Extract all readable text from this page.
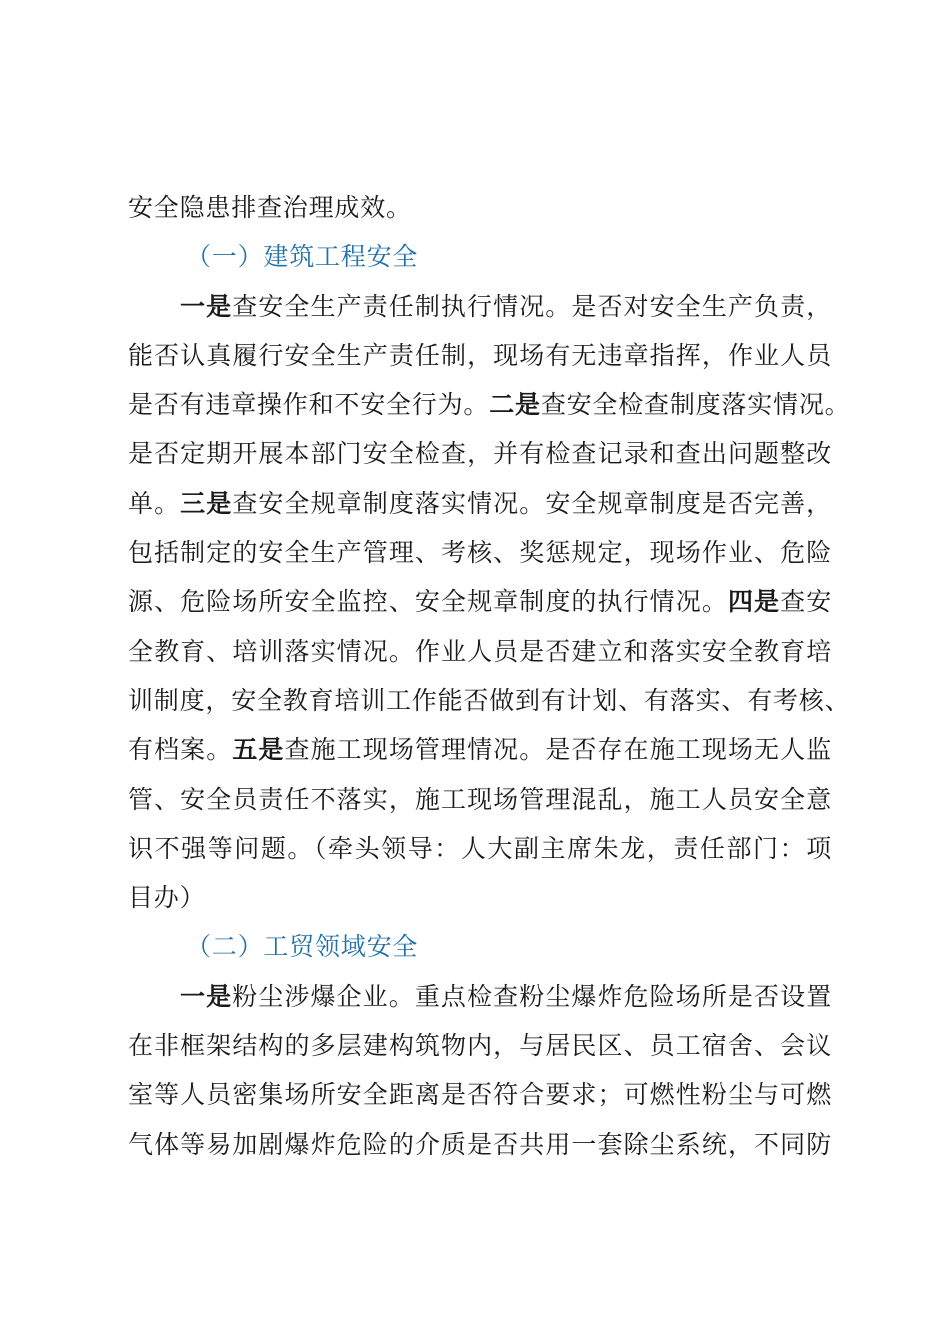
安全隐患排查治理成效。
（一）建筑工程安全
一是查安全生产责任制执行情况。是否对安全生产负责，
能否认真履行安全生产责任制，现场有无违章指挥，作业人员
是否有违章操作和不安全行为。二是查安全检查制度落实情况。
是否定期开展本部门安全检查，并有检查记录和查出问题整改
单。三是查安全规章制度落实情况。安全规章制度是否完善，
包括制定的安全生产管理、考核、奖惩规定，现场作业、危险
源、危险场所安全监控、安全规章制度的执行情况。四是查安
全教育、培训落实情况。作业人员是否建立和落实安全教育培
训制度，安全教育培训工作能否做到有计划、有落实、有考核、
有档案。五是查施工现场管理情况。是否存在施工现场无人监
管、安全员责任不落实，施工现场管理混乱，施工人员安全意
识不强等问题。（牵头领导：人大副主席朱龙，责任部门：项
目办）
（二）工贸领域安全
一是粉尘涉爆企业。重点检查粉尘爆炸危险场所是否设置
在非框架结构的多层建构筑物内，与居民区、员工宿舍、会议
室等人员密集场所安全距离是否符合要求；可燃性粉尘与可燃
气体等易加剧爆炸危险的介质是否共用一套除尘系统，不同防
